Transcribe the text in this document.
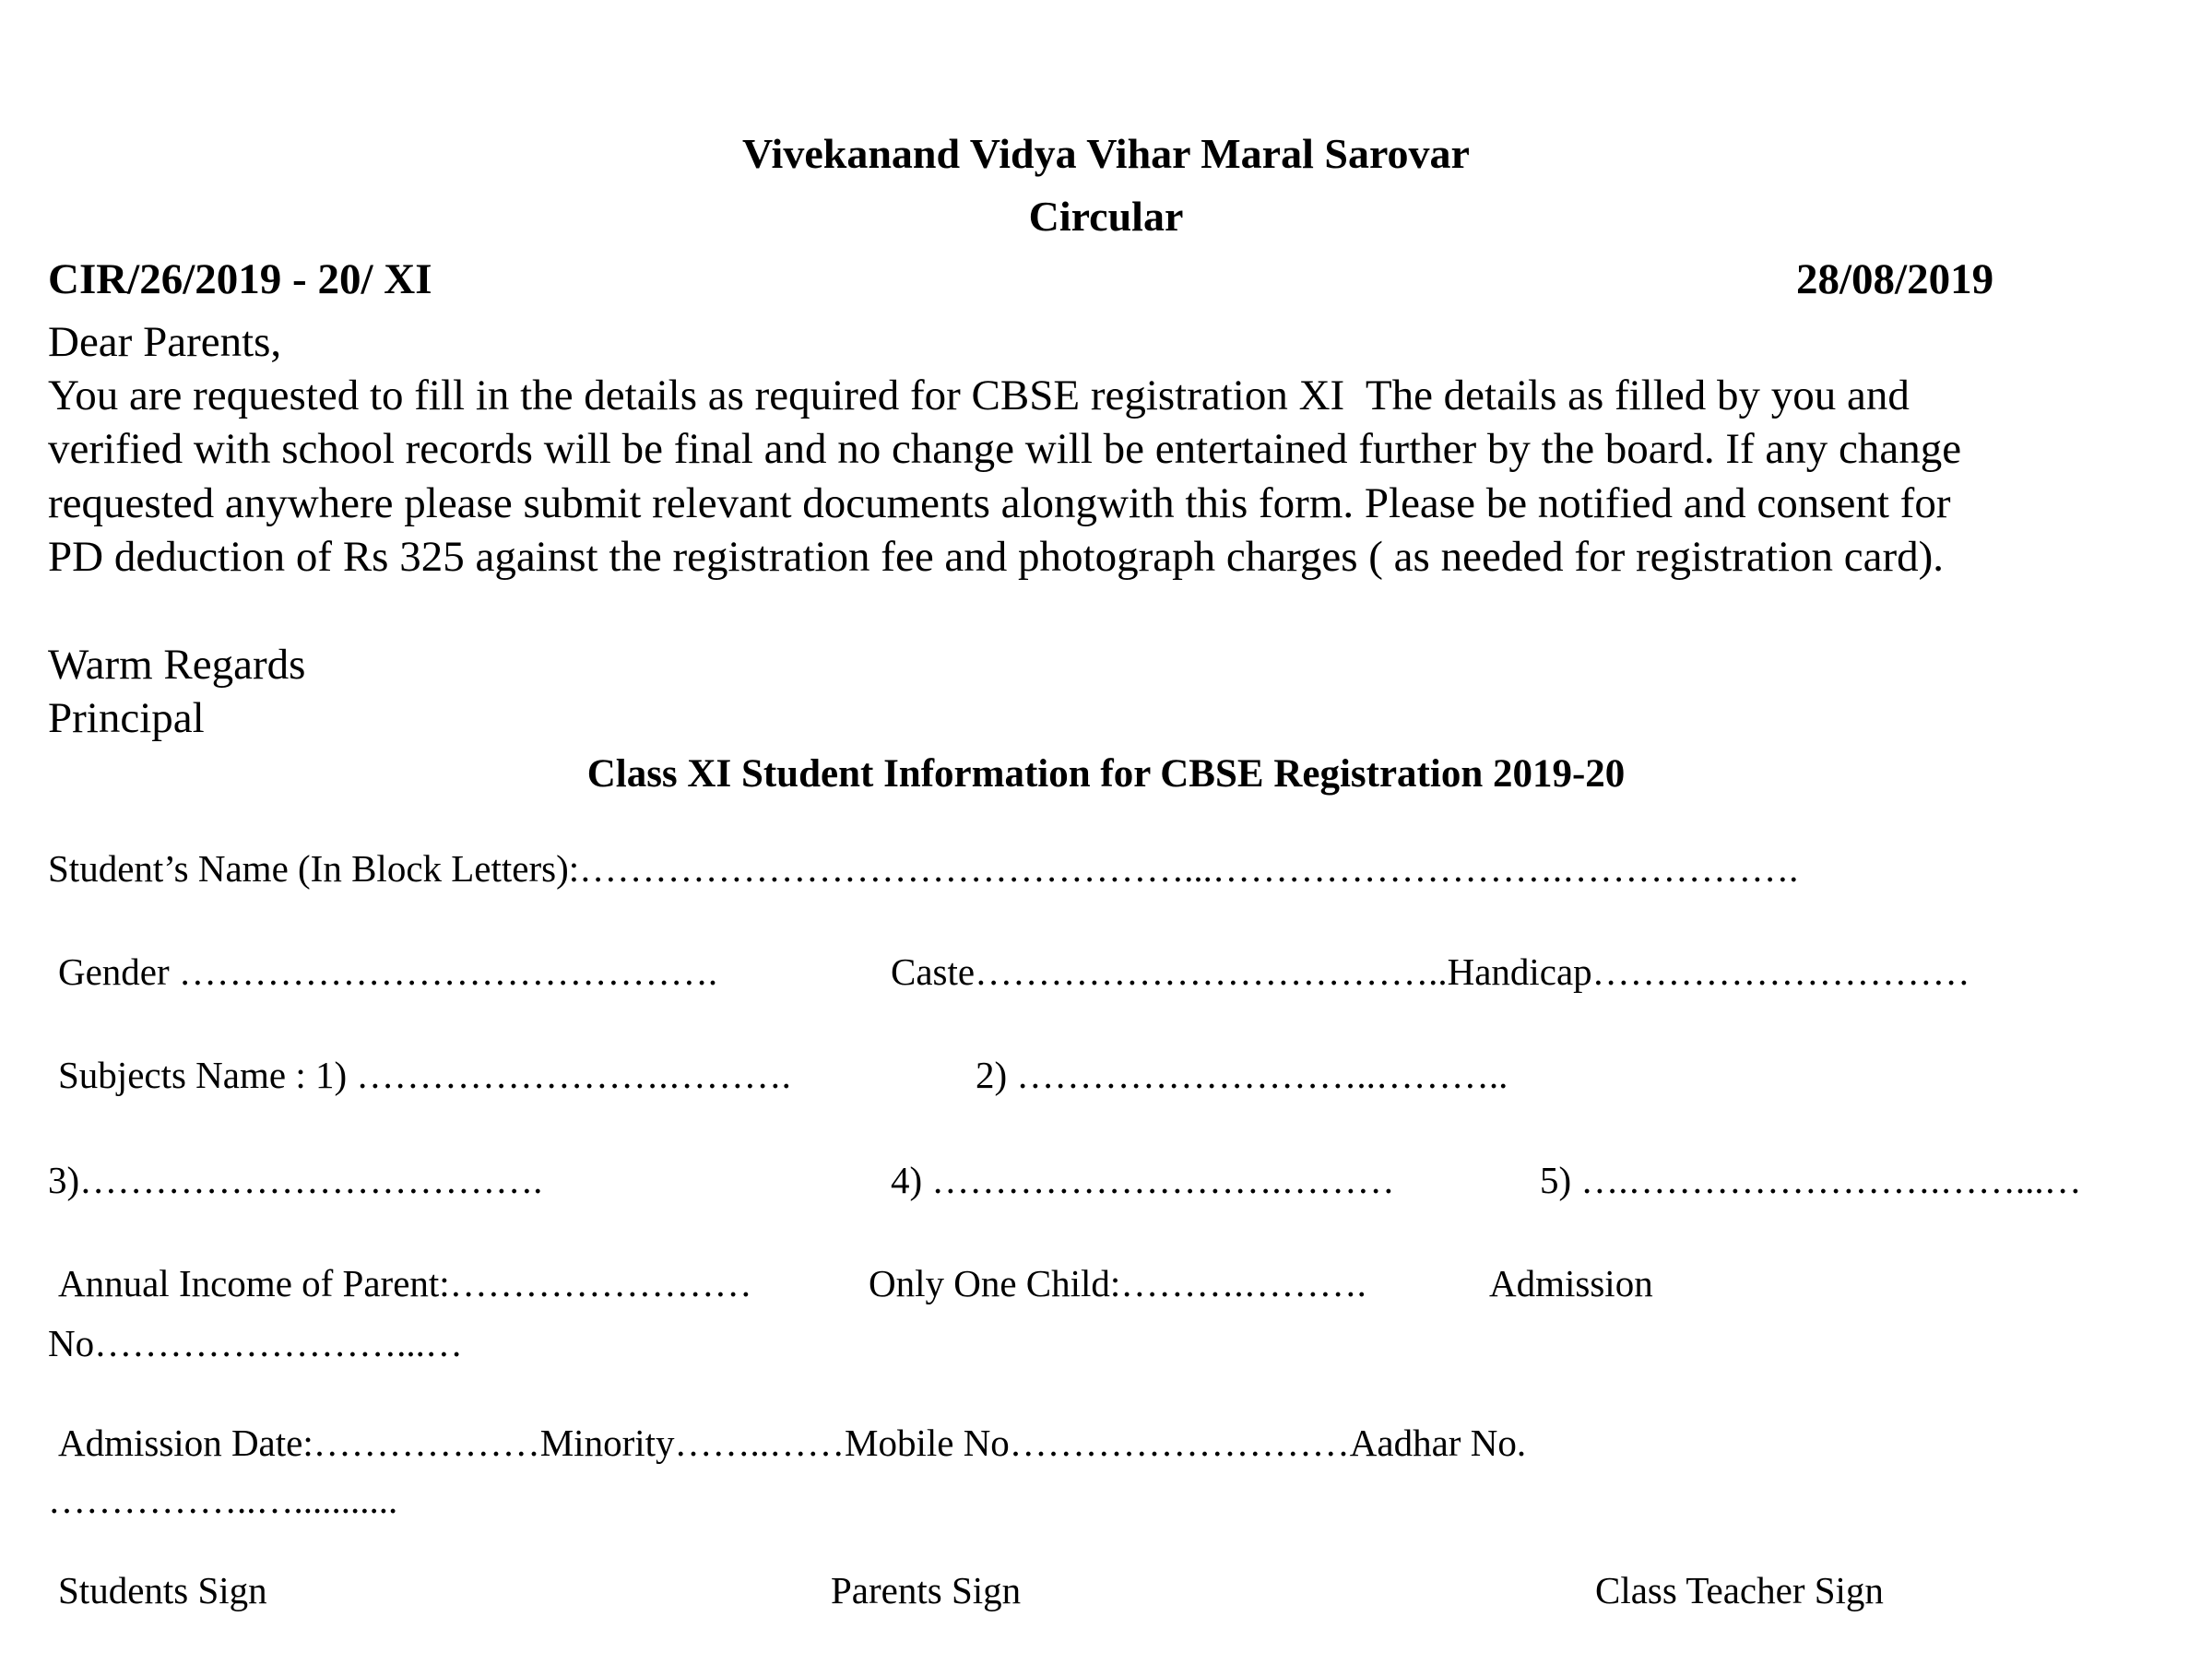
Vivekanand Vidya Vihar Maral Sarovar
Circular
CIR/26/2019 - 20/ XI	28/08/2019
Dear Parents,
You are requested to fill in the details as required for CBSE registration XI  The details as filled by you and
verified with school records will be final and no change will be entertained further by the board. If any change
requested anywhere please submit relevant documents alongwith this form. Please be notified and consent for
PD deduction of Rs 325 against the registration fee and photograph charges ( as needed for registration card).
Warm Regards
Principal
Class XI Student Information for CBSE Registration 2019-20
Student’s Name (In Block Letters):…………………………………………...……………………….……………….
Gender …………………………………….	Caste………………………………..Handicap…………………………
Subjects Name : 1) …………………….……….	2) ………………………..………..
3)……………………………….	4) ……………………….………	5) ….…………………….……...…
Annual Income of Parent:……………………	Only One Child:……….……….	Admission
No……………………...…
Admission Date:………………Minority……..……Mobile No………………………Aadhar No.
……………..…...........
Students Sign	Parents Sign	Class Teacher Sign
